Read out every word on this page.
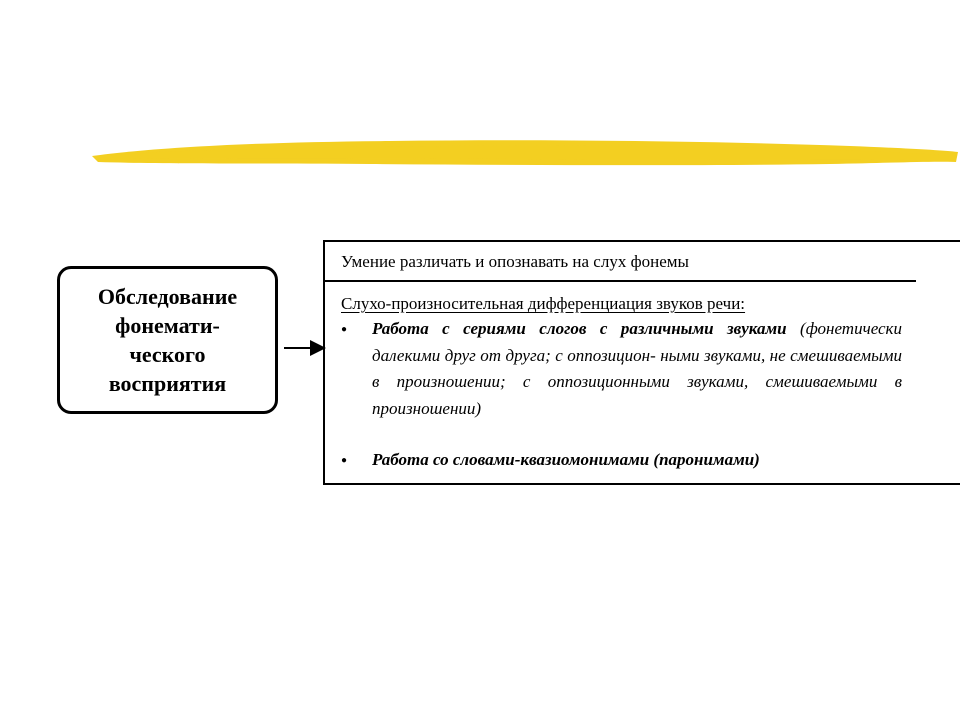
Обследование
фонемати-
ческого
восприятия
Умение различать и опознавать на слух фонемы
Слухо-произносительная дифференциация звуков речи:
● Работа с сериями слогов с различными звуками (фонетически далекими друг от друга; с оппозицион- ными звуками, не смешиваемыми в произношении; с оппозиционными звуками, смешиваемыми в
произношении)
● Работа со словами-квазиомонимами (паронимами)
